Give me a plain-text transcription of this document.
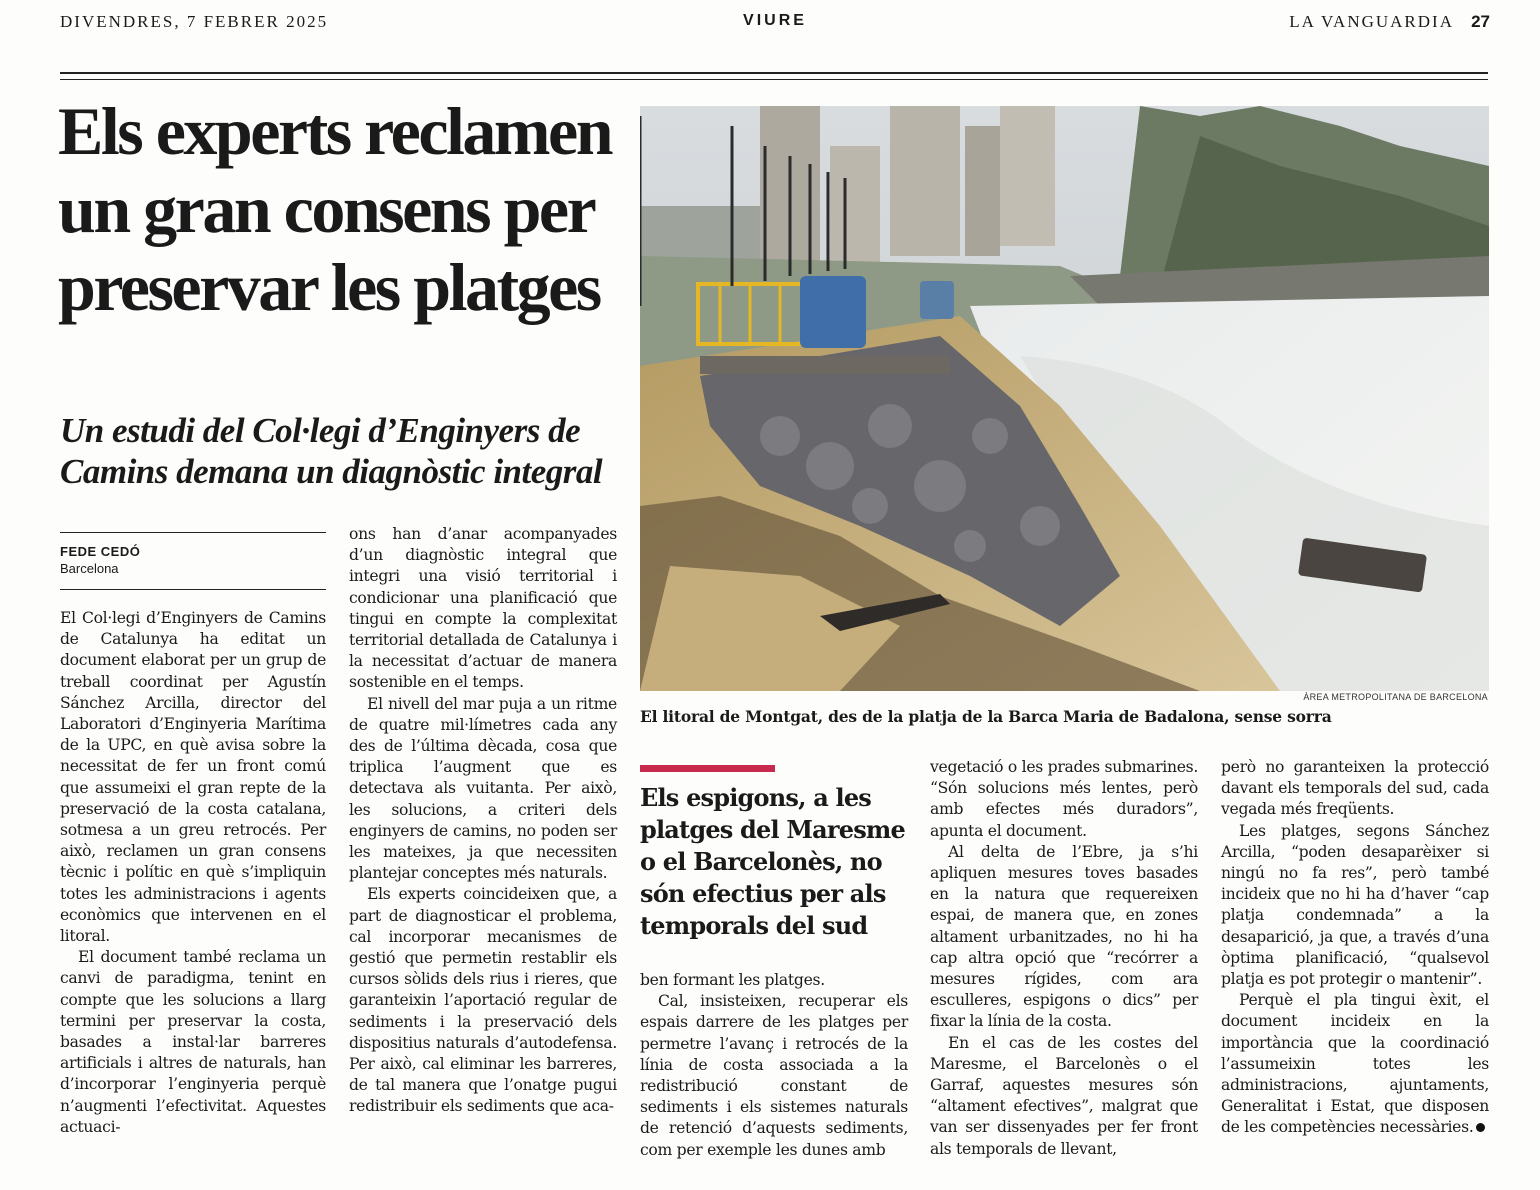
DIVENDRES, 7 FEBRER 2025	VIURE	LA VANGUARDIA 27
Els experts reclamen un gran consens per preservar les platges
Un estudi del Col·legi d’Enginyers de Camins demana un diagnòstic integral
FEDE CEDÓ
Barcelona

El Col·legi d’Enginyers de Camins de Catalunya ha editat un document elaborat per un grup de treball coordinat per Agustín Sánchez Arcilla, director del Laboratori d’Enginyeria Marítima de la UPC, en què avisa sobre la necessitat de fer un front comú que assumeixi el gran repte de la preservació de la costa catalana, sotmesa a un greu retrocés. Per això, reclamen un gran consens tècnic i polític en què s’impliquin totes les administracions i agents econòmics que intervenen en el litoral.

El document també reclama un canvi de paradigma, tenint en compte que les solucions a llarg termini per preservar la costa, basades a instal·lar barreres artificials i altres de naturals, han d’incorporar l’enginyeria perquè n’augmenti l’efectivitat. Aquestes actuaci-

ons han d’anar acompanyades d’un diagnòstic integral que integri una visió territorial i condicionar una planificació que tingui en compte la complexitat territorial detallada de Catalunya i la necessitat d’actuar de manera sostenible en el temps.

El nivell del mar puja a un ritme de quatre mil·límetres cada any des de l’última dècada, cosa que triplica l’augment que es detectava als vuitanta. Per això, les solucions, a criteri dels enginyers de camins, no poden ser les mateixes, ja que necessiten plantejar conceptes més naturals.

Els experts coincideixen que, a part de diagnosticar el problema, cal incorporar mecanismes de gestió que permetin restablir els cursos sòlids dels rius i rieres, que garanteixin l’aportació regular de sediments i la preservació dels dispositius naturals d’autodefensa. Per això, cal eliminar les barreres, de tal manera que l’onatge pugui redistribuir els sediments que aca-

ÀREA METROPOLITANA DE BARCELONA
El litoral de Montgat, des de la platja de la Barca Maria de Badalona, sense sorra
Els espigons, a les platges del Maresme o el Barcelonès, no són efectius per als temporals del sud

ben formant les platges.

Cal, insisteixen, recuperar els espais darrere de les platges per permetre l’avanç i retrocés de la línia de costa associada a la redistribució constant de sediments i els sistemes naturals de retenció d’aquests sediments, com per exemple les dunes amb

vegetació o les prades submarines. “Són solucions més lentes, però amb efectes més duradors”, apunta el document.

Al delta de l’Ebre, ja s’hi apliquen mesures toves basades en la natura que requereixen espai, de manera que, en zones altament urbanitzades, no hi ha cap altra opció que “recórrer a mesures rígides, com ara esculleres, espigons o dics” per fixar la línia de la costa.

En el cas de les costes del Maresme, el Barcelonès o el Garraf, aquestes mesures són “altament efectives”, malgrat que van ser dissenyades per fer front als temporals de llevant,

però no garanteixen la protecció davant els temporals del sud, cada vegada més freqüents.

Les platges, segons Sánchez Arcilla, “poden desaparèixer si ningú no fa res”, però també incideix que no hi ha d’haver “cap platja condemnada” a la desaparició, ja que, a través d’una òptima planificació, “qualsevol platja es pot protegir o mantenir”.

Perquè el pla tingui èxit, el document incideix en la importància que la coordinació l’assumeixin totes les administracions, ajuntaments, Generalitat i Estat, que disposen de les competències necessàries.
